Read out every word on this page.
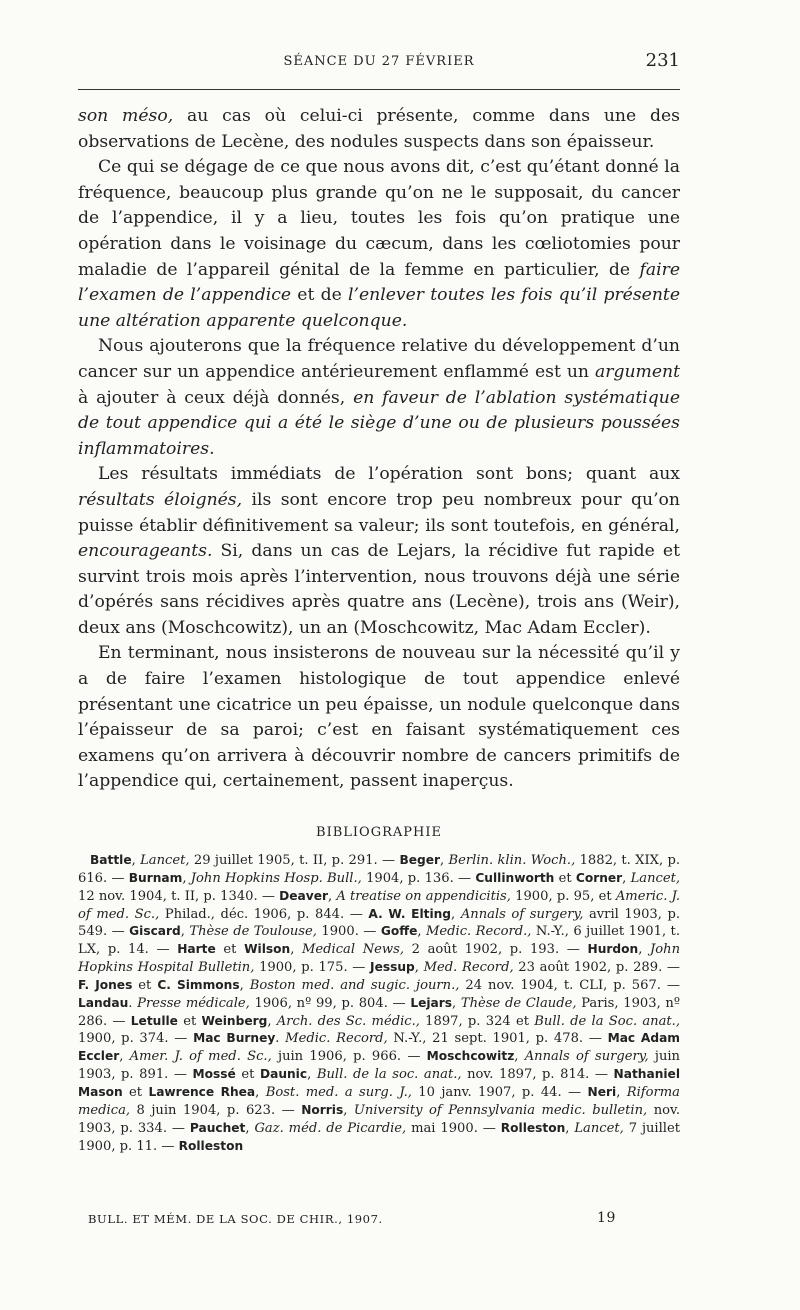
SÉANCE DU 27 FÉVRIER	231

son méso, au cas où celui-ci présente, comme dans une des observations de Lecène, des nodules suspects dans son épaisseur.

Ce qui se dégage de ce que nous avons dit, c’est qu’étant donné la fréquence, beaucoup plus grande qu’on ne le supposait, du cancer de l’appendice, il y a lieu, toutes les fois qu’on pratique une opération dans le voisinage du cæcum, dans les cœliotomies pour maladie de l’appareil génital de la femme en particulier, de faire l’examen de l’appendice et de l’enlever toutes les fois qu’il présente une altération apparente quelconque.

Nous ajouterons que la fréquence relative du développement d’un cancer sur un appendice antérieurement enflammé est un argument à ajouter à ceux déjà donnés, en faveur de l’ablation systématique de tout appendice qui a été le siège d’une ou de plusieurs poussées inflammatoires.

Les résultats immédiats de l’opération sont bons; quant aux résultats éloignés, ils sont encore trop peu nombreux pour qu’on puisse établir définitivement sa valeur; ils sont toutefois, en général, encourageants. Si, dans un cas de Lejars, la récidive fut rapide et survint trois mois après l’intervention, nous trouvons déjà une série d’opérés sans récidives après quatre ans (Lecène), trois ans (Weir), deux ans (Moschcowitz), un an (Moschcowitz, Mac Adam Eccler).

En terminant, nous insisterons de nouveau sur la nécessité qu’il y a de faire l’examen histologique de tout appendice enlevé présentant une cicatrice un peu épaisse, un nodule quelconque dans l’épaisseur de sa paroi; c’est en faisant systématiquement ces examens qu’on arrivera à découvrir nombre de cancers primitifs de l’appendice qui, certainement, passent inaperçus.

BIBLIOGRAPHIE
Battle, Lancet, 29 juillet 1905, t. II, p. 291. — Beger, Berlin. klin. Woch., 1882, t. XIX, p. 616. — Burnam, John Hopkins Hosp. Bull., 1904, p. 136. — Cullinworth et Corner, Lancet, 12 nov. 1904, t. II, p. 1340. — Deaver, A treatise on appendicitis, 1900, p. 95, et Americ. J. of med. Sc., Philad., déc. 1906, p. 844. — A. W. Elting, Annals of surgery, avril 1903, p. 549. — Giscard, Thèse de Toulouse, 1900. — Goffe, Medic. Record., N.-Y., 6 juillet 1901, t. LX, p. 14. — Harte et Wilson, Medical News, 2 août 1902, p. 193. — Hurdon, John Hopkins Hospital Bulletin, 1900, p. 175. — Jessup, Med. Record, 23 août 1902, p. 289. — F. Jones et C. Simmons, Boston med. and sugic. journ., 24 nov. 1904, t. CLI, p. 567. — Landau. Presse médicale, 1906, nº 99, p. 804. — Lejars, Thèse de Claude, Paris, 1903, nº 286. — Letulle et Weinberg, Arch. des Sc. médic., 1897, p. 324 et Bull. de la Soc. anat., 1900, p. 374. — Mac Burney. Medic. Record, N.-Y., 21 sept. 1901, p. 478. — Mac Adam Eccler, Amer. J. of med. Sc., juin 1906, p. 966. — Moschcowitz, Annals of surgery, juin 1903, p. 891. — Mossé et Daunic, Bull. de la soc. anat., nov. 1897, p. 814. — Nathaniel Mason et Lawrence Rhea, Bost. med. a surg. J., 10 janv. 1907, p. 44. — Neri, Riforma medica, 8 juin 1904, p. 623. — Norris, University of Pennsylvania medic. bulletin, nov. 1903, p. 334. — Pauchet, Gaz. méd. de Picardie, mai 1900. — Rolleston, Lancet, 7 juillet 1900, p. 11. — Rolleston
BULL. ET MÉM. DE LA SOC. DE CHIR., 1907.	19
